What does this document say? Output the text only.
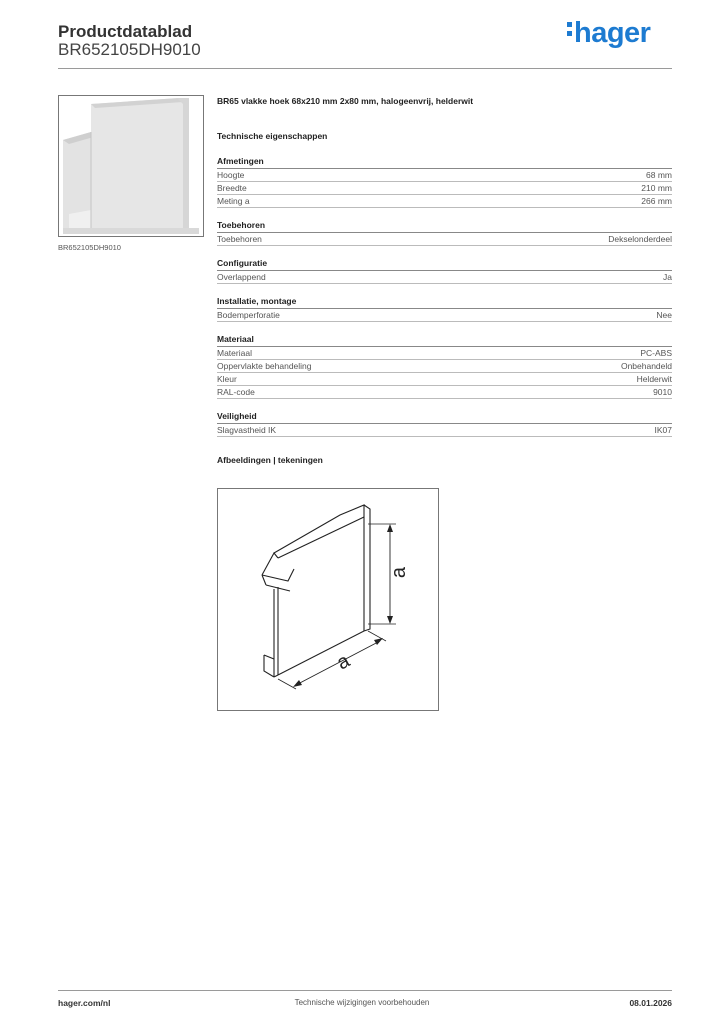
Productdatablad
BR652105DH9010
hager
BR652105DH9010
BR65 vlakke hoek 68x210 mm 2x80 mm, halogeenvrij, helderwit
Technische eigenschappen
Afmetingen
Hoogte	68 mm
Breedte	210 mm
Meting a	266 mm
Toebehoren
Toebehoren	Dekselonderdeel
Configuratie
Overlappend	Ja
Installatie, montage
Bodemperforatie	Nee
Materiaal
Materiaal	PC-ABS
Oppervlakte behandeling	Onbehandeld
Kleur	Helderwit
RAL-code	9010
Veiligheid
Slagvastheid IK	IK07
Afbeeldingen | tekeningen
a
a
Technische wijzigingen voorbehouden
hager.com/nl	08.01.2026
